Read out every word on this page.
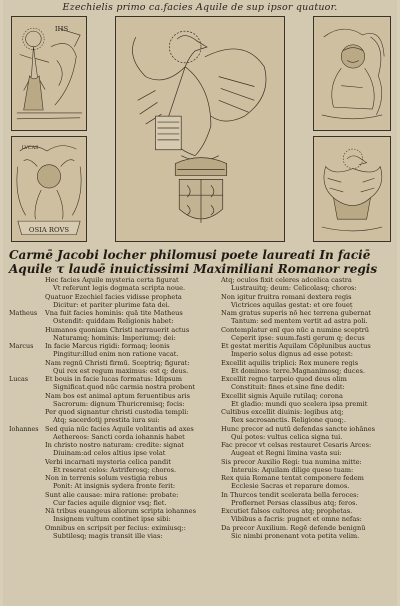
Ezechielis primo ca.facies Aquile de sup ipsor quatuor.
IHS
OSIA ROVS
LVCAS
Carmē Jacobi locher philomusi poete laureati In faciē
Aquile τ laudē inuictissimi Maximiliani Romanor regis
Hec facies Aquile mysteria certa figurat
Vt referunt legis dogmata scripta noue.
Quatuor Ezechiel facies vidisse propheta
Dicitur: et pariter plurime fata dei.
Matheus	Vna fuit facies hominis: quā tite Matheus
Ostendit: quiddam Religionis habet:
Humanos quoniam Christi narrauerit actus
Naturamq; hominis: Imperiumq; dei:
Marcus	In facie Marcus rigidi: formaq; leonis
Pingitur:illud enim non ratione vacat.
Nam regnū Christi firmū. Sceptriq; figurat:
Qui rex est regum maximus: est q; deus.
Lucas	Et bouis in facie lucas formatus: Idipsum
Significat.quod nūc carmia nostra probent
Nam bos est animal aptum feruentibus aris
Sacrorum: dignum Thuricremisq; focis:
Per quod signantur christi custodia templi:
Atq; sacerdotij prestita iura sui:
Iohannes Sed quia nūc facies Aquile volitantis ad axes
Aethereos: Sancti corda iohannis habet
In christo nostro naturam: credite: signat
Diuinam:ad celos altius ipse volat
Verbi incarnati mysteria celica pandit
Et reserat celos: Astriferosq; choros.
Non in terrenis solum vestigia rebus
Ponit: At insignis sydera fronte ferit:
Sunt alie causae: mira ratione: probate:
Cur facies aquile dignior vsq; fiet.
Nā tribus euangeus aliorum scripta iohannes
Insignem vultum continet ipse sibi:
Omnibus en scripsit per fecius: eximiusq;:
Subtilesq; magis transit ille vias:
Atq; oculos fixit celeres adcelica castra
Lustrauitq; deum: Celicolasq; choros:
Non igitur fruitra romani dextera regis
Victrices aquilas gestat: et ore foueṭ
Nam gratus superis nō hec terrena gubernat
Tantum: sed mentem vertit ad astra poli.
Contemplatur enī quo nūc a numine sceptrū
Ceperit ipse: suum.fasti gerum q; decus
Et gestat meritis Aquilam Cōplunibus auctus
Imperio solus dignus ad esse potest:
Excellit aquilis triplici: Rex munere regis
Et dominos: terre.Magnanimosq; duces.
Excellit regno tarpeio quod deus olim
Constituit: fines et.sine fine dedit:
Excellit signis Aquile rutilaq; corona
Et gladio: mundi quo scelera ipsa premit
Cultibus excellit diuinis: legibus atq;
Rex sacrosanctis. Religione quoq;.
Hunc precor ad nutū defendas sancte iohānes
Qui potes: vultus celica signa tui.
Fac precor vt celsas restauret Cesaris Arces:
Augeat et Regni limina vasta sui:
Sis precor Auxilio Regi: tua numina mitte:
Interuis: Aquilam dilige queso tuam:
Rex quia Romane tentat componere fedem
Ecclesie Sacras et reparare domos.
In Thurcos tendit scelerata bella feroces:
Proflernet Persas classibus atq; feros.
Excutiet falsos cultores atq; prophetas.
Vibibus a facris: pugnet et omne nefas:
Da precor Auxilium. Regē defende benignū
Sic nimbi pronenant vota petita velim.
